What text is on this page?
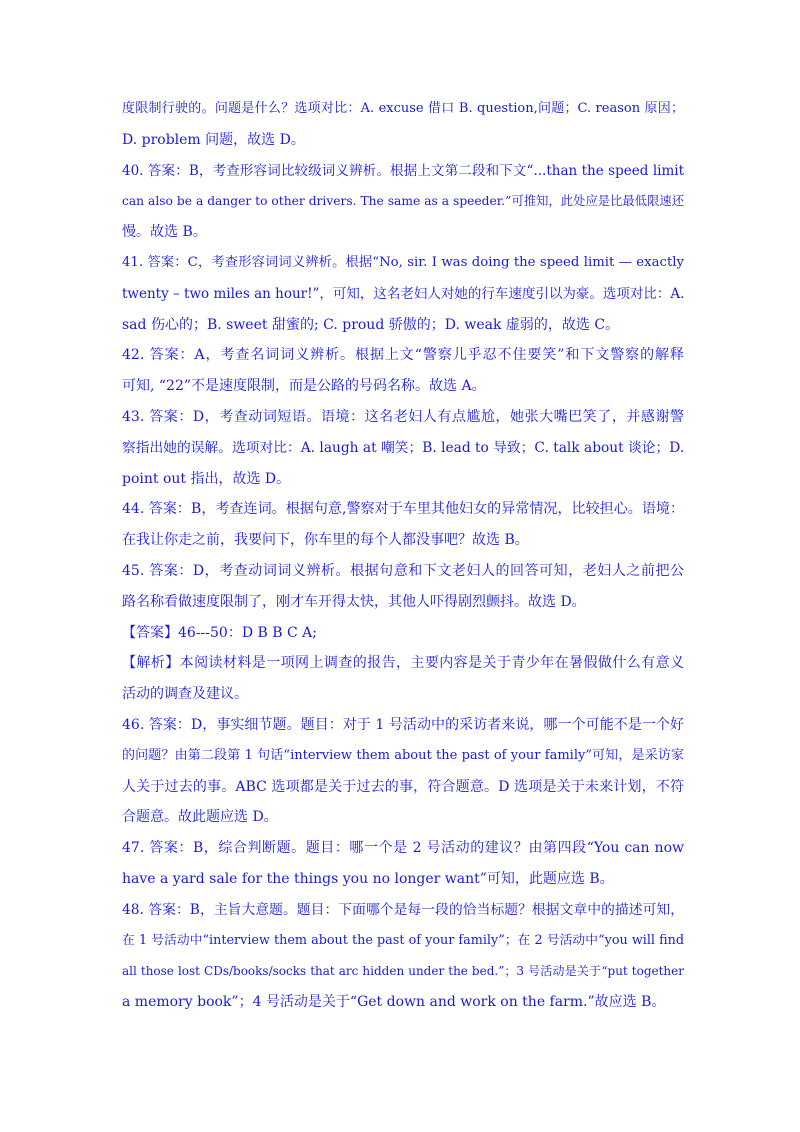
度限制行驶的。问题是什么？选项对比：A. excuse 借口 B. question,问题；C. reason 原因；
D. problem 问题，故选 D。
40. 答案：B，考查形容词比较级词义辨析。根据上文第二段和下文“...than the speed limit
can also be a danger to other drivers. The same as a speeder.”可推知，此处应是比最低限速还
慢。故选 B。
41. 答案：C，考查形容词词义辨析。根据“No, sir. I was doing the speed limit — exactly
twenty – two miles an hour!”，可知，这名老妇人对她的行车速度引以为豪。选项对比：A.
sad 伤心的；B. sweet 甜蜜的; C. proud 骄傲的；D. weak 虚弱的，故选 C。
42. 答案：A，考查名词词义辨析。根据上文“警察儿乎忍不住要笑”和下文警察的解释
可知, “22”不是速度限制，而是公路的号码名称。故选 A。
43. 答案：D，考查动词短语。语境：这名老妇人有点尴尬，她张大嘴巴笑了，并感谢警
察指出她的误解。选项对比：A. laugh at 嘲笑；B. lead to 导致；C. talk about 谈论；D.
point out 指出，故选 D。
44. 答案：B，考查连词。根据句意,警察对于车里其他妇女的异常情况，比较担心。语境：
在我让你走之前，我要问下，你车里的每个人都没事吧？故选 B。
45. 答案：D，考查动词词义辨析。根据句意和下文老妇人的回答可知，老妇人之前把公
路名称看做速度限制了，刚才车开得太快，其他人吓得剧烈颤抖。故选 D。
【答案】46---50：D B B C A;
【解析】本阅读材料是一项网上调查的报告，主要内容是关于青少年在暑假做什么有意义
活动的调查及建议。
46. 答案：D，事实细节题。题目：对于 1 号活动中的采访者来说，哪一个可能不是一个好
的问题？由第二段第 1 句话“interview them about the past of your family”可知，是采访家
人关于过去的事。ABC 选项都是关于过去的事，符合题意。D 选项是关于未来计划，不符
合题意。故此题应选 D。
47. 答案：B，综合判断题。题目：哪一个是 2 号活动的建议？由第四段“You can now
have a yard sale for the things you no longer want”可知，此题应选 B。
48. 答案：B，主旨大意题。题目：下面哪个是每一段的恰当标题？根据文章中的描述可知，
在 1 号活动中“interview them about the past of your family”；在 2 号活动中“you will find
all those lost CDs/books/socks that arc hidden under the bed.”；3 号活动是关于“put together
a memory book”；4 号活动是关于“Get down and work on the farm.”故应选 B。
